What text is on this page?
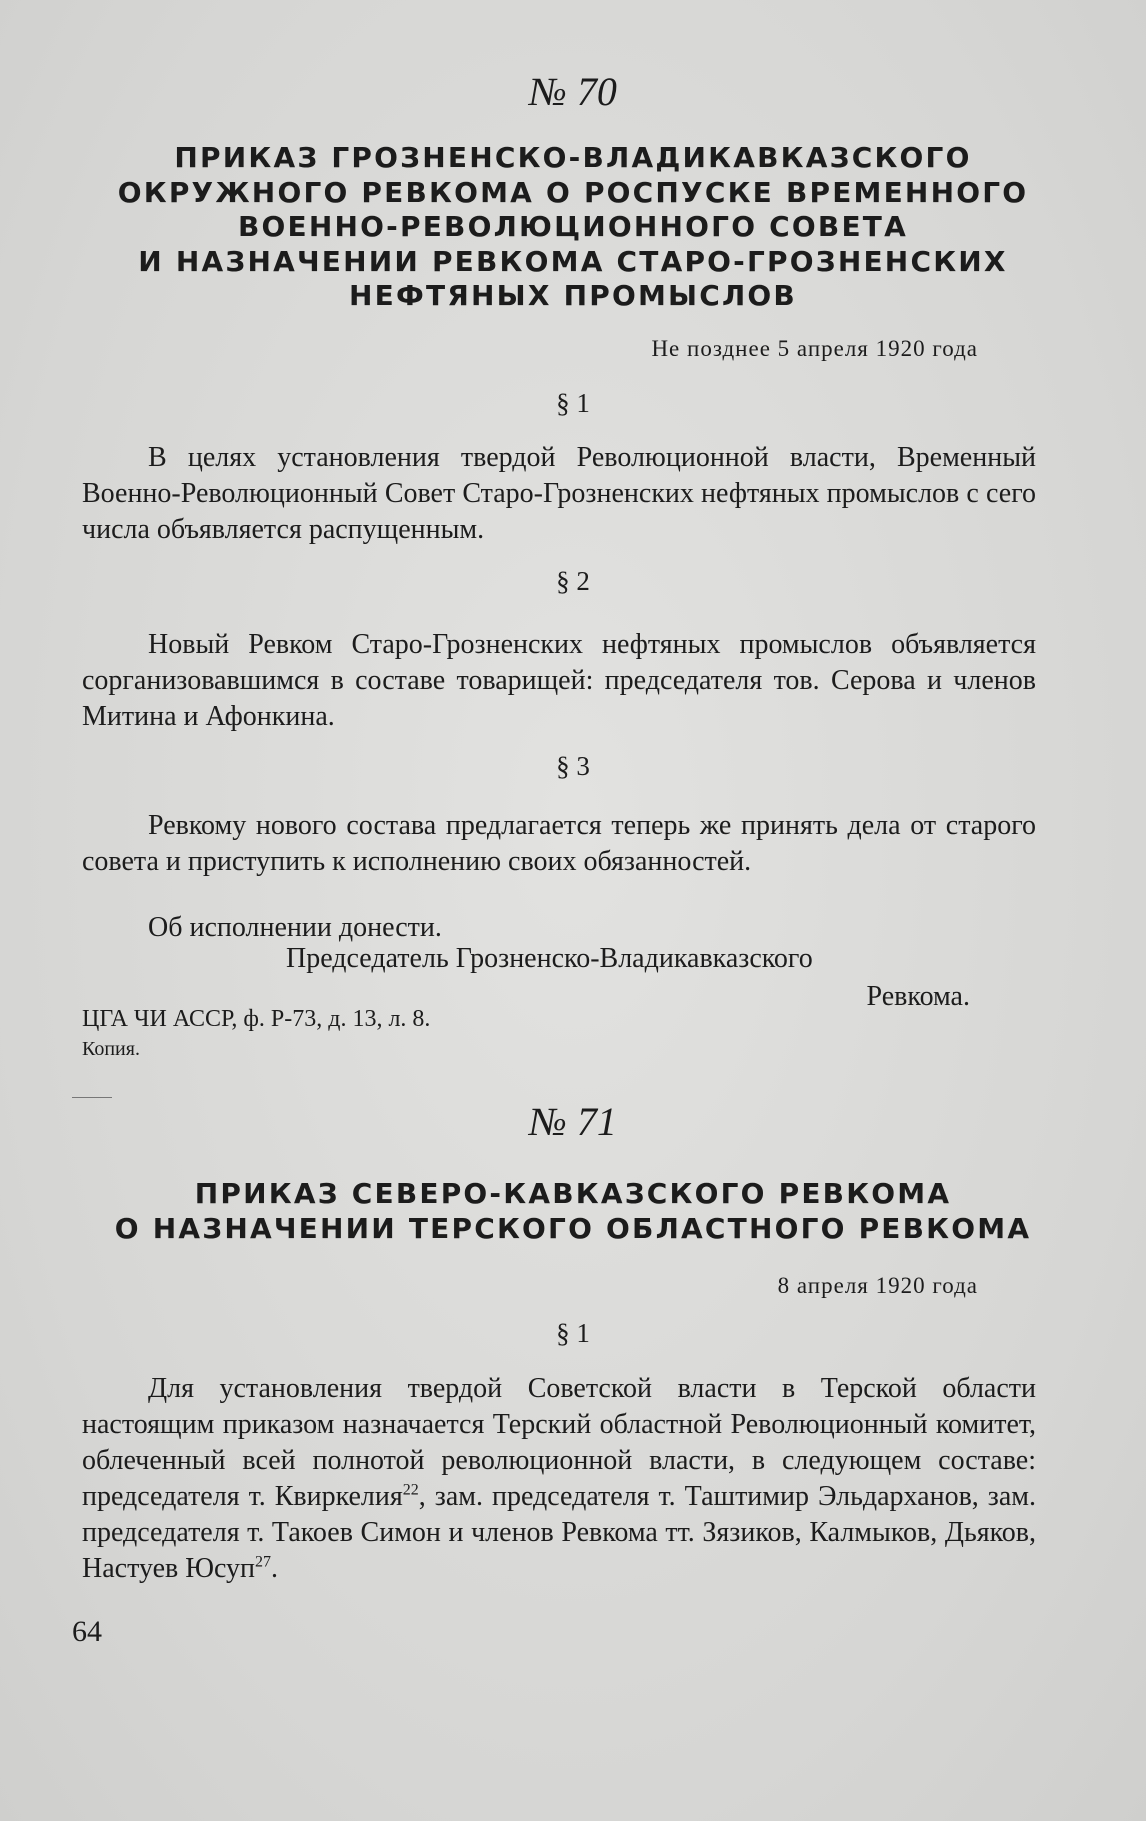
№ 70
ПРИКАЗ ГРОЗНЕНСКО-ВЛАДИКАВКАЗСКОГО
ОКРУЖНОГО РЕВКОМА О РОСПУСКЕ ВРЕМЕННОГО
ВОЕННО-РЕВОЛЮЦИОННОГО СОВЕТА
И НАЗНАЧЕНИИ РЕВКОМА СТАРО-ГРОЗНЕНСКИХ
НЕФТЯНЫХ ПРОМЫСЛОВ
Не позднее 5 апреля 1920 года
§ 1

В целях установления твердой Революционной власти, Временный Военно-Революционный Совет Старо-Грозненских нефтяных промыслов с сего числа объявляется распущенным.

§ 2

Новый Ревком Старо-Грозненских нефтяных промыслов объявляется сорганизовавшимся в составе товарищей: председателя тов. Серова и членов Митина и Афонкина.

§ 3

Ревкому нового состава предлагается теперь же принять дела от старого совета и приступить к исполнению своих обязанностей.

Об исполнении донести.

Председатель Грозненско-Владикавказского
Ревкома.
ЦГА ЧИ АССР, ф. Р-73, д. 13, л. 8.
Копия.
№ 71
ПРИКАЗ СЕВЕРО-КАВКАЗСКОГО РЕВКОМА
О НАЗНАЧЕНИИ ТЕРСКОГО ОБЛАСТНОГО РЕВКОМА
8 апреля 1920 года
§ 1

Для установления твердой Советской власти в Терской области настоящим приказом назначается Терский областной Революционный комитет, облеченный всей полнотой революционной власти, в следующем составе: председателя т. Квиркелия$^{22}$, зам. председателя т. Таштимир Эльдарханов, зам. председателя т. Такоев Симон и членов Ревкома тт. Зязиков, Калмыков, Дьяков, Настуев Юсуп$^{27}$.

64
